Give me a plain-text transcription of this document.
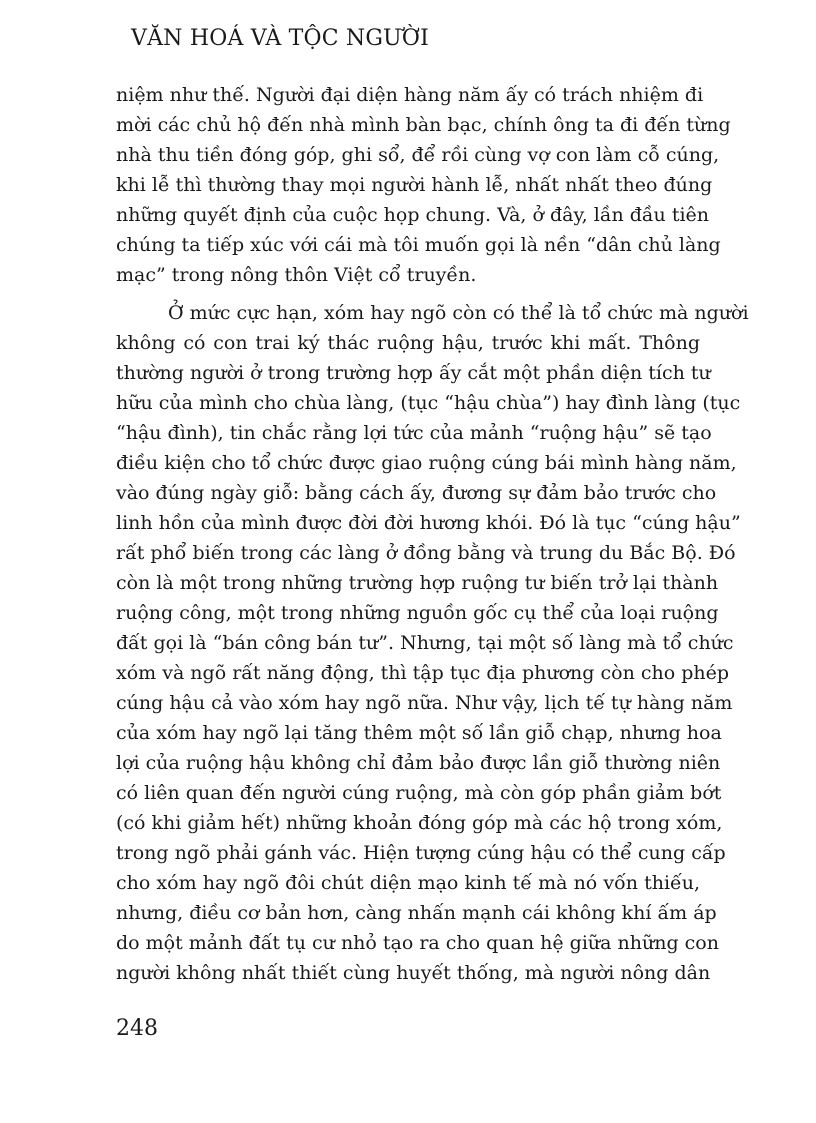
VĂN HOÁ VÀ TỘC NGƯỜI
niệm như thế. Người đại diện hàng năm ấy có trách nhiệm đi
mời các chủ hộ đến nhà mình bàn bạc, chính ông ta đi đến từng
nhà thu tiền đóng góp, ghi sổ, để rồi cùng vợ con làm cỗ cúng,
khi lễ thì thường thay mọi người hành lễ, nhất nhất theo đúng
những quyết định của cuộc họp chung. Và, ở đây, lần đầu tiên
chúng ta tiếp xúc với cái mà tôi muốn gọi là nền “dân chủ làng
mạc” trong nông thôn Việt cổ truyền.
Ở mức cực hạn, xóm hay ngõ còn có thể là tổ chức mà người
không có con trai ký thác ruộng hậu, trước khi mất. Thông
thường người ở trong trường hợp ấy cắt một phần diện tích tư
hữu của mình cho chùa làng, (tục “hậu chùa”) hay đình làng (tục
“hậu đình), tin chắc rằng lợi tức của mảnh “ruộng hậu” sẽ tạo
điều kiện cho tổ chức được giao ruộng cúng bái mình hàng năm,
vào đúng ngày giỗ: bằng cách ấy, đương sự đảm bảo trước cho
linh hồn của mình được đời đời hương khói. Đó là tục “cúng hậu”
rất phổ biến trong các làng ở đồng bằng và trung du Bắc Bộ. Đó
còn là một trong những trường hợp ruộng tư biến trở lại thành
ruộng công, một trong những nguồn gốc cụ thể của loại ruộng
đất gọi là “bán công bán tư”. Nhưng, tại một số làng mà tổ chức
xóm và ngõ rất năng động, thì tập tục địa phương còn cho phép
cúng hậu cả vào xóm hay ngõ nữa. Như vậy, lịch tế tự hàng năm
của xóm hay ngõ lại tăng thêm một số lần giỗ chạp, nhưng hoa
lợi của ruộng hậu không chỉ đảm bảo được lần giỗ thường niên
có liên quan đến người cúng ruộng, mà còn góp phần giảm bớt
(có khi giảm hết) những khoản đóng góp mà các hộ trong xóm,
trong ngõ phải gánh vác. Hiện tượng cúng hậu có thể cung cấp
cho xóm hay ngõ đôi chút diện mạo kinh tế mà nó vốn thiếu,
nhưng, điều cơ bản hơn, càng nhấn mạnh cái không khí ấm áp
do một mảnh đất tụ cư nhỏ tạo ra cho quan hệ giữa những con
người không nhất thiết cùng huyết thống, mà người nông dân
248
